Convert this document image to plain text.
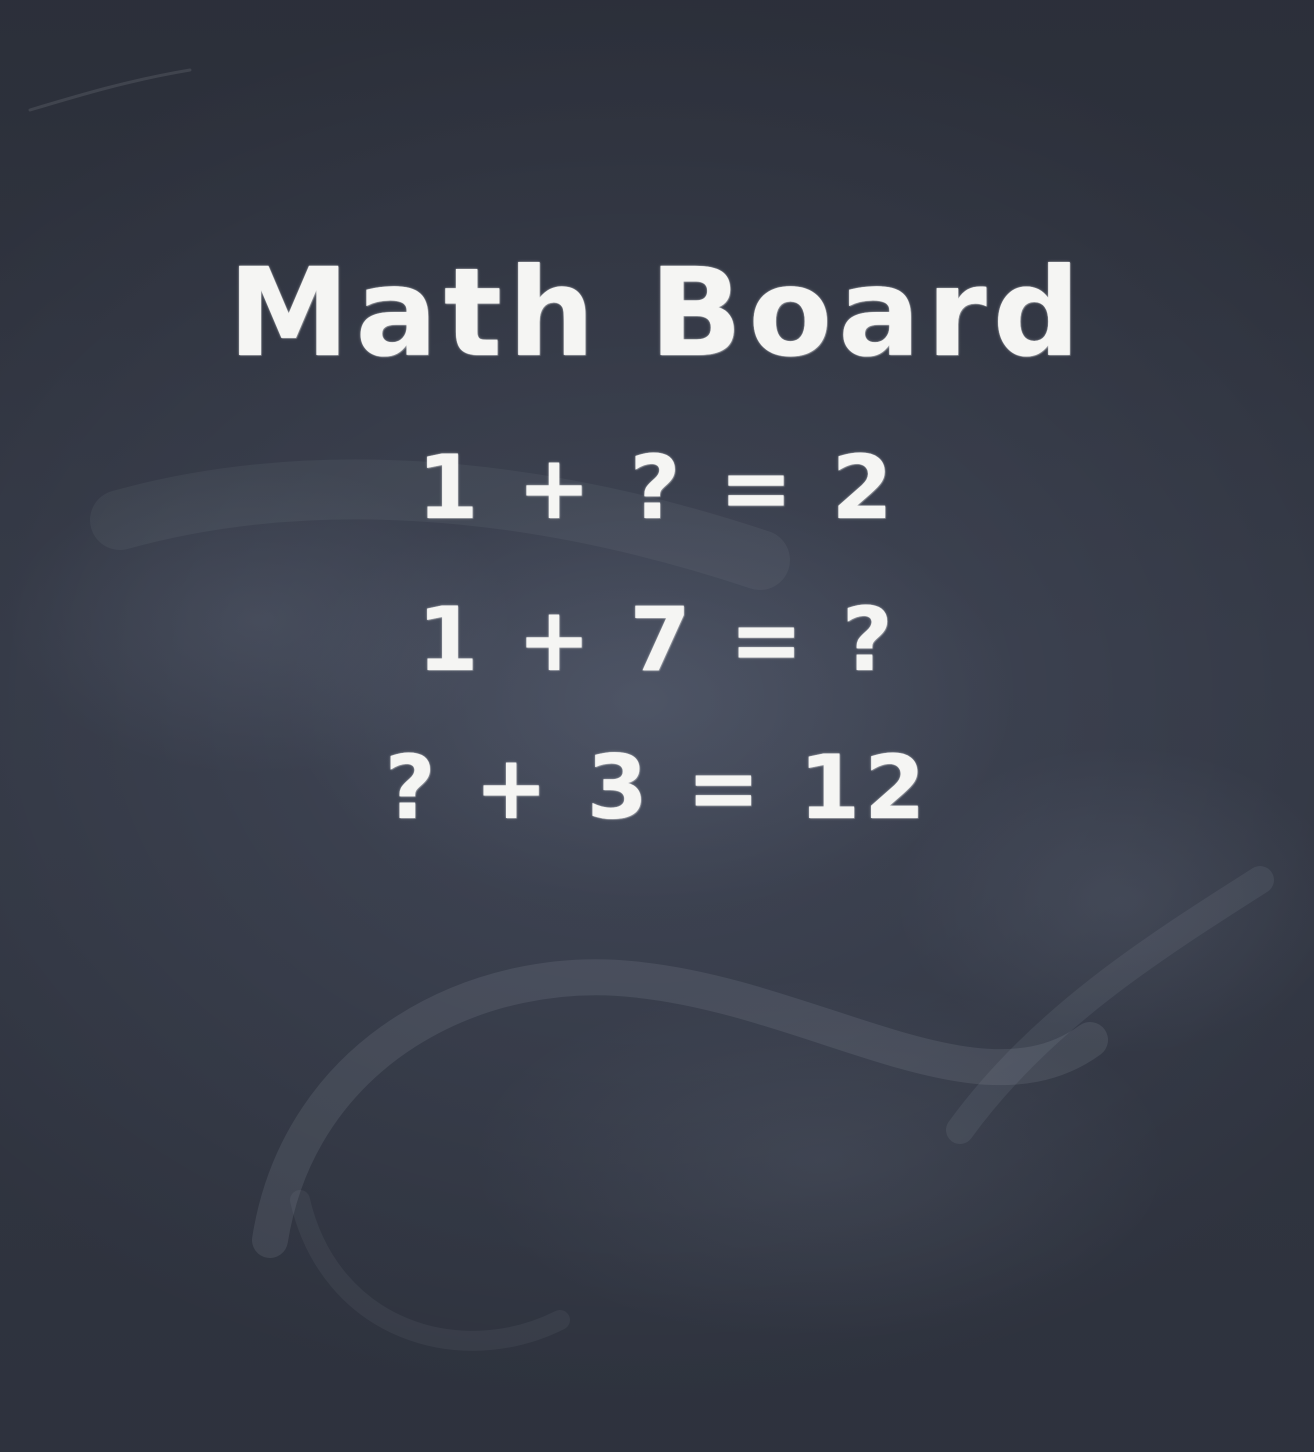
Math Board
1 + ? = 2
1 + 7 = ?
? + 3 = 12
